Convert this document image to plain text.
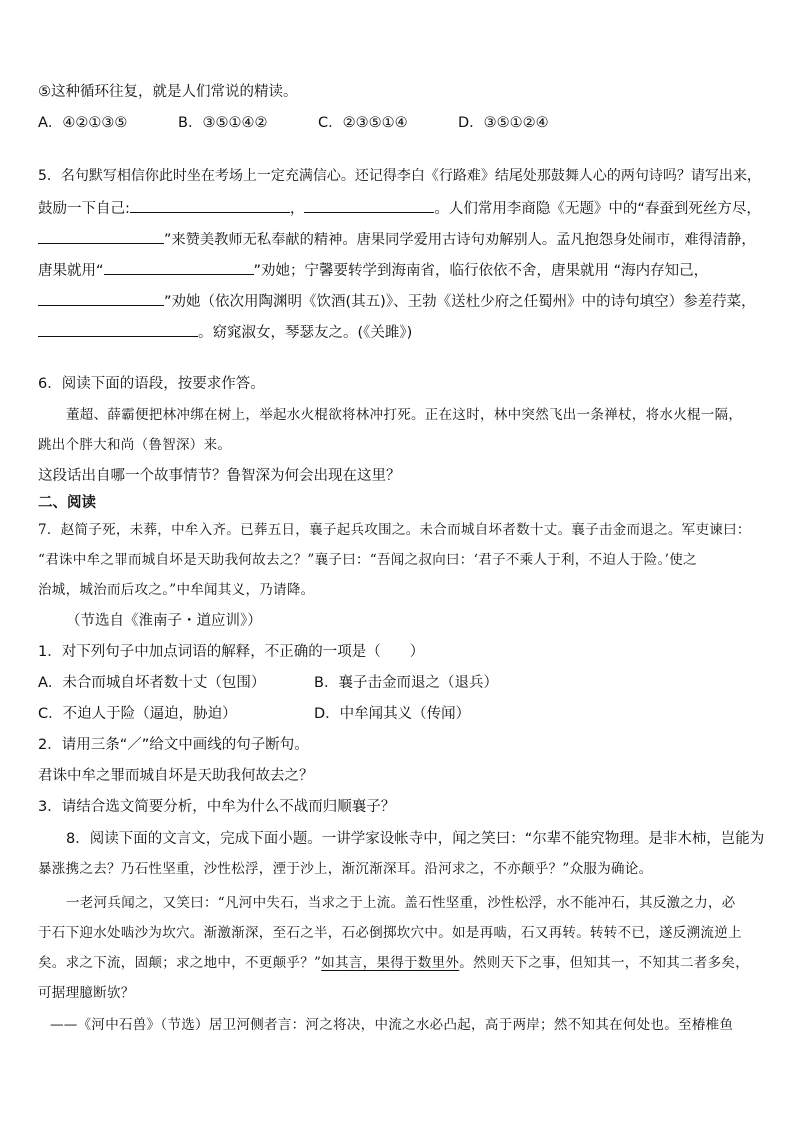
⑤这种循环往复，就是人们常说的精读。
A．④②①③⑤	B．③⑤①④②	C．②③⑤①④	D．③⑤①②④
5．名句默写相信你此时坐在考场上一定充满信心。还记得李白《行路难》结尾处那鼓舞人心的两句诗吗？请写出来，
鼓励一下自己:	，	。人们常用李商隐《无题》中的“春蚕到死丝方尽，
”来赞美教师无私奉献的精神。唐果同学爱用古诗句劝解别人。孟凡抱怨身处闹市，难得清静，
唐果就用“	”劝她；宁馨要转学到海南省，临行依依不舍，唐果就用 “海内存知己，
”劝她（依次用陶渊明《饮酒(其五)》、王勃《送杜少府之任蜀州》中的诗句填空）参差荇菜，
。窈窕淑女，琴瑟友之。(《关雎》)
6．阅读下面的语段，按要求作答。
董超、薛霸便把林冲绑在树上，举起水火棍欲将林冲打死。正在这时，林中突然飞出一条禅杖，将水火棍一隔，
跳出个胖大和尚（鲁智深）来。
这段话出自哪一个故事情节？鲁智深为何会出现在这里？
二、阅读
7．赵简子死，未葬，中牟入齐。已葬五日，襄子起兵攻围之。未合而城自坏者数十丈。襄子击金而退之。军吏谏曰：
“君诛中牟之罪而城自坏是天助我何故去之？”襄子曰：“吾闻之叔向曰：‘君子不乘人于利，不迫人于险。’使之
治城，城治而后攻之。”中牟闻其义，乃请降。
（节选自《淮南子・道应训》）
1．对下列句子中加点词语的解释，不正确的一项是（　　）
A．未合而城自坏者数十丈（包围）	B．襄子击金而退之（退兵）
C．不迫人于险（逼迫，胁迫）	D．中牟闻其义（传闻）
2．请用三条“／”给文中画线的句子断句。
君诛中牟之罪而城自坏是天助我何故去之？
3．请结合选文简要分析，中牟为什么不战而归顺襄子？
8．阅读下面的文言文，完成下面小题。一讲学家设帐寺中，闻之笑曰：“尔辈不能究物理。是非木柿，岂能为
暴涨携之去？乃石性坚重，沙性松浮，湮于沙上，渐沉渐深耳。沿河求之，不亦颠乎？”众服为确论。
一老河兵闻之，又笑曰：“凡河中失石，当求之于上流。盖石性坚重，沙性松浮，水不能冲石，其反激之力，必
于石下迎水处啮沙为坎穴。渐激渐深，至石之半，石必倒掷坎穴中。如是再啮，石又再转。转转不已，遂反溯流逆上
矣。求之下流，固颠；求之地中，不更颠乎？”如其言，果得于数里外。然则天下之事，但知其一，不知其二者多矣，
可据理臆断欤？
——《河中石兽》（节选）居卫河侧者言：河之将决，中流之水必凸起，高于两岸；然不知其在何处也。至椿椎鱼
